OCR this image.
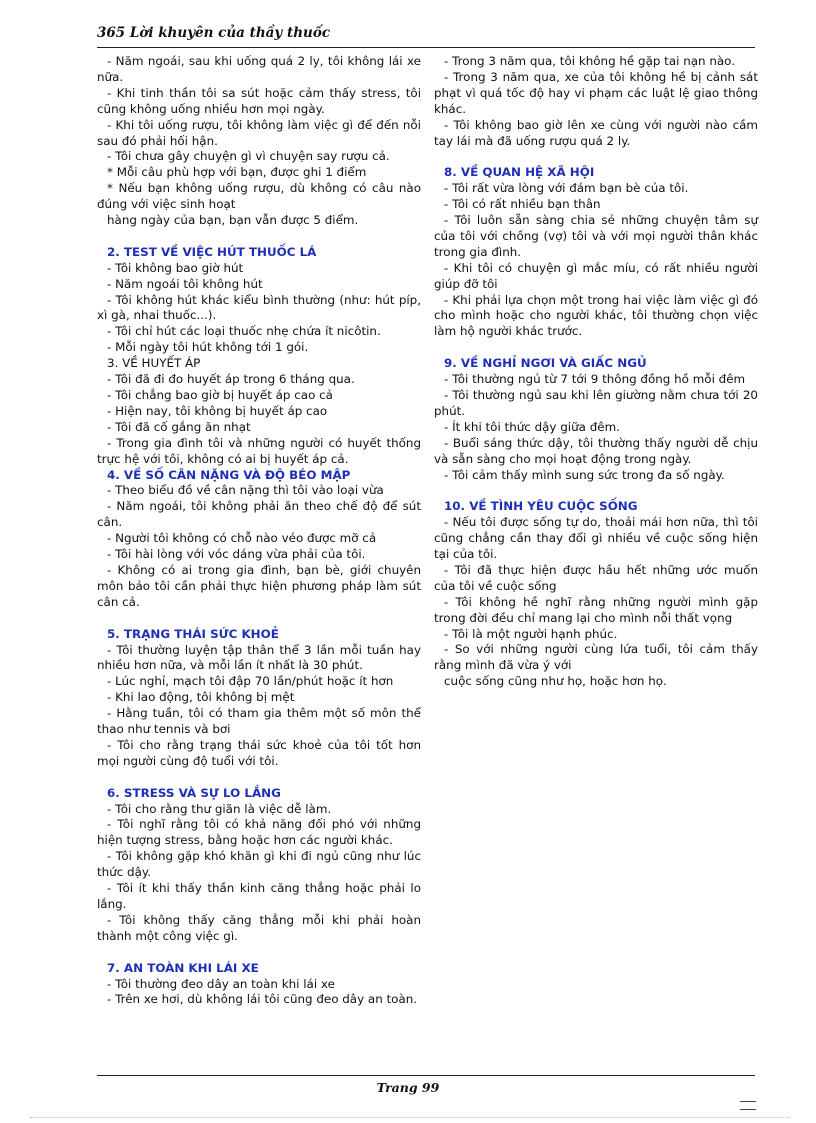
365 Lời khuyên của thầy thuốc

- Năm ngoái, sau khi uống quá 2 ly, tôi không lái xe nữa.

- Khi tinh thần tôi sa sút hoặc cảm thấy stress, tôi cũng không uống nhiều hơn mọi ngày.

- Khi tôi uống rượu, tôi không làm việc gì để đến nỗi sau đó phải hối hận.

- Tôi chưa gây chuyện gì vì chuyện say rượu cả.

* Mỗi câu phù hợp với bạn, được ghi 1 điểm

* Nếu bạn không uống rượu, dù không có câu nào đúng với việc sinh hoạt

hàng ngày của bạn, bạn vẫn được 5 điểm.

2. TEST VỀ VIỆC HÚT THUỐC LÁ

- Tôi không bao giờ hút

- Năm ngoái tôi không hút

- Tôi không hút khác kiểu bình thường (như: hút píp, xì gà, nhai thuốc...).

- Tôi chỉ hút các loại thuốc nhẹ chứa ít nicôtin.

- Mỗi ngày tôi hút không tới 1 gói.

3. VỀ HUYẾT ÁP

- Tôi đã đi đo huyết áp trong 6 tháng qua.

- Tôi chẳng bao giờ bị huyết áp cao cả

- Hiện nay, tôi không bị huyết áp cao

- Tôi đã cố gắng ăn nhạt

- Trong gia đình tôi và những người có huyết thống trực hệ với tôi, không có ai bị huyết áp cả.

4. VỀ SỐ CÂN NẶNG VÀ ĐỘ BÉO MẬP

- Theo biểu đồ về cân nặng thì tôi vào loại vừa

- Năm ngoái, tôi không phải ăn theo chế độ để sút cân.

- Người tôi không có chỗ nào véo được mỡ cả

- Tôi hài lòng với vóc dáng vừa phải của tôi.

- Không có ai trong gia đình, bạn bè, giới chuyên môn bảo tôi cần phải thực hiện phương pháp làm sút cân cả.

5. TRẠNG THÁI SỨC KHOẺ

- Tôi thường luyện tập thân thể 3 lần mỗi tuần hay nhiều hơn nữa, và mỗi lần ít nhất là 30 phút.

- Lúc nghỉ, mạch tôi đập 70 lần/phút hoặc ít hơn

- Khi lao động, tôi không bị mệt

- Hằng tuần, tôi có tham gia thêm một số môn thể thao như tennis và bơi

- Tôi cho rằng trạng thái sức khoẻ của tôi tốt hơn mọi người cùng độ tuổi với tôi.

6. STRESS VÀ SỰ LO LẮNG

- Tôi cho rằng thư giãn là việc dễ làm.

- Tôi nghĩ rằng tôi có khả năng đối phó với những hiện tượng stress, bằng hoặc hơn các người khác.

- Tôi không gặp khó khăn gì khi đi ngủ cũng như lúc thức dậy.

- Tôi ít khi thấy thần kinh căng thẳng hoặc phải lo lắng.

- Tôi không thấy căng thẳng mỗi khi phải hoàn thành một công việc gì.

7. AN TOÀN KHI LÁI XE

- Tôi thường đeo dây an toàn khi lái xe

- Trên xe hơi, dù không lái tôi cũng đeo dây an toàn.

- Trong 3 năm qua, tôi không hề gặp tai nạn nào.

- Trong 3 năm qua, xe của tôi không hề bị cảnh sát phạt vì quá tốc độ hay vi phạm các luật lệ giao thông khác.

- Tôi không bao giờ lên xe cùng với người nào cầm tay lái mà đã uống rượu quá 2 ly.

8. VỀ QUAN HỆ XÃ HỘI

- Tôi rất vừa lòng với đám bạn bè của tôi.

- Tôi có rất nhiều bạn thân

- Tôi luôn sẵn sàng chia sẻ những chuyện tâm sự của tôi với chồng (vợ) tôi và với mọi người thân khác trong gia đình.

- Khi tôi có chuyện gì mắc míu, có rất nhiều người giúp đỡ tôi

- Khi phải lựa chọn một trong hai việc làm việc gì đó cho mình hoặc cho người khác, tôi thường chọn việc làm hộ người khác trước.

9. VỀ NGHỈ NGƠI VÀ GIẤC NGỦ

- Tôi thường ngủ từ 7 tới 9 thông đồng hồ mỗi đêm

- Tôi thường ngủ sau khi lên giường nằm chưa tới 20 phút.

- Ít khi tôi thức dậy giữa đêm.

- Buổi sáng thức dậy, tôi thường thấy người dễ chịu và sẵn sàng cho mọi hoạt động trong ngày.

- Tôi cảm thấy mình sung sức trong đa số ngày.

10. VỀ TÌNH YÊU CUỘC SỐNG

- Nếu tôi được sống tự do, thoải mái hơn nữa, thì tôi cũng chẳng cần thay đổi gì nhiều về cuộc sống hiện tại của tôi.

- Tôi đã thực hiện được hầu hết những ước muốn của tôi về cuộc sống

- Tôi không hề nghĩ rằng những người mình gặp trong đời đều chỉ mang lại cho mình nỗi thất vọng

- Tôi là một người hạnh phúc.

- So với những người cùng lứa tuổi, tôi cảm thấy rằng mình đã vừa ý với

cuộc sống cũng như họ, hoặc hơn họ.

Trang 99
